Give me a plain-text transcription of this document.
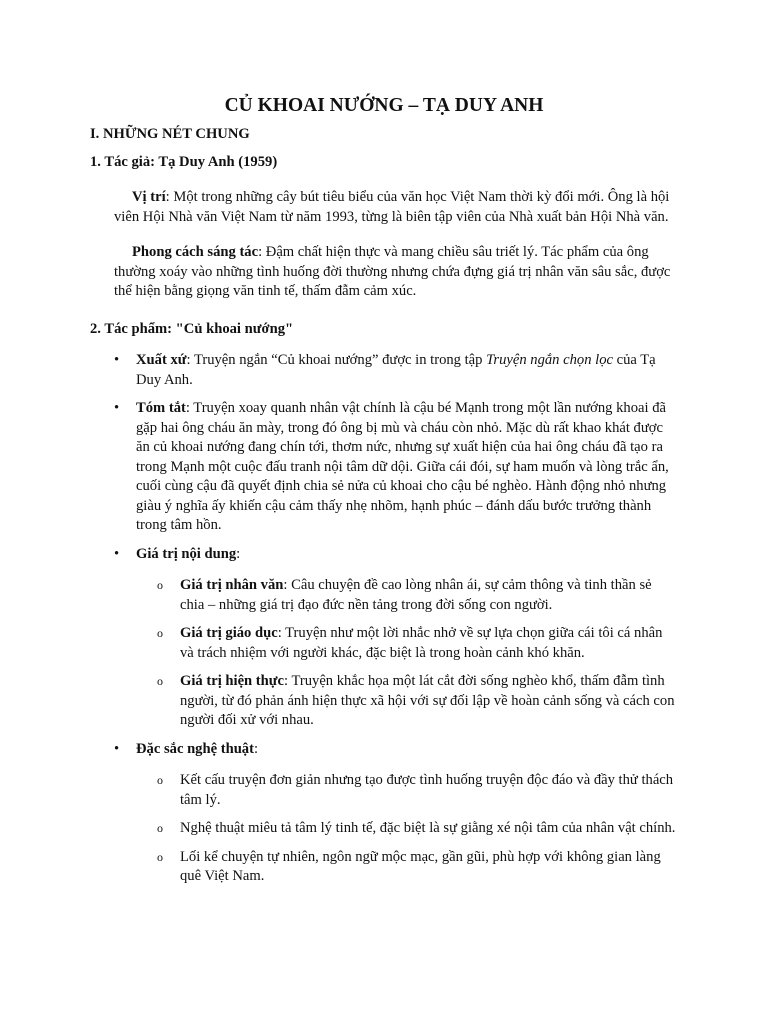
CỦ KHOAI NƯỚNG – TẠ DUY ANH
I. NHỮNG NÉT CHUNG
1. Tác giả: Tạ Duy Anh (1959)

Vị trí: Một trong những cây bút tiêu biểu của văn học Việt Nam thời kỳ đổi mới. Ông là hội viên Hội Nhà văn Việt Nam từ năm 1993, từng là biên tập viên của Nhà xuất bản Hội Nhà văn.

Phong cách sáng tác: Đậm chất hiện thực và mang chiều sâu triết lý. Tác phẩm của ông thường xoáy vào những tình huống đời thường nhưng chứa đựng giá trị nhân văn sâu sắc, được thể hiện bằng giọng văn tinh tế, thấm đẫm cảm xúc.

2. Tác phẩm: "Củ khoai nướng"
• Xuất xứ: Truyện ngắn “Củ khoai nướng” được in trong tập Truyện ngắn chọn lọc của Tạ Duy Anh.
• Tóm tắt: Truyện xoay quanh nhân vật chính là cậu bé Mạnh trong một lần nướng khoai đã gặp hai ông cháu ăn mày, trong đó ông bị mù và cháu còn nhỏ. Mặc dù rất khao khát được ăn củ khoai nướng đang chín tới, thơm nức, nhưng sự xuất hiện của hai ông cháu đã tạo ra trong Mạnh một cuộc đấu tranh nội tâm dữ dội. Giữa cái đói, sự ham muốn và lòng trắc ẩn, cuối cùng cậu đã quyết định chia sẻ nửa củ khoai cho cậu bé nghèo. Hành động nhỏ nhưng giàu ý nghĩa ấy khiến cậu cảm thấy nhẹ nhõm, hạnh phúc – đánh dấu bước trưởng thành trong tâm hồn.
• Giá trị nội dung:
o Giá trị nhân văn: Câu chuyện đề cao lòng nhân ái, sự cảm thông và tinh thần sẻ chia – những giá trị đạo đức nền tảng trong đời sống con người.
o Giá trị giáo dục: Truyện như một lời nhắc nhở về sự lựa chọn giữa cái tôi cá nhân và trách nhiệm với người khác, đặc biệt là trong hoàn cảnh khó khăn.
o Giá trị hiện thực: Truyện khắc họa một lát cắt đời sống nghèo khổ, thấm đẫm tình người, từ đó phản ánh hiện thực xã hội với sự đối lập về hoàn cảnh sống và cách con người đối xử với nhau.
• Đặc sắc nghệ thuật:
o Kết cấu truyện đơn giản nhưng tạo được tình huống truyện độc đáo và đầy thử thách tâm lý.
o Nghệ thuật miêu tả tâm lý tinh tế, đặc biệt là sự giằng xé nội tâm của nhân vật chính.
o Lối kể chuyện tự nhiên, ngôn ngữ mộc mạc, gần gũi, phù hợp với không gian làng quê Việt Nam.
